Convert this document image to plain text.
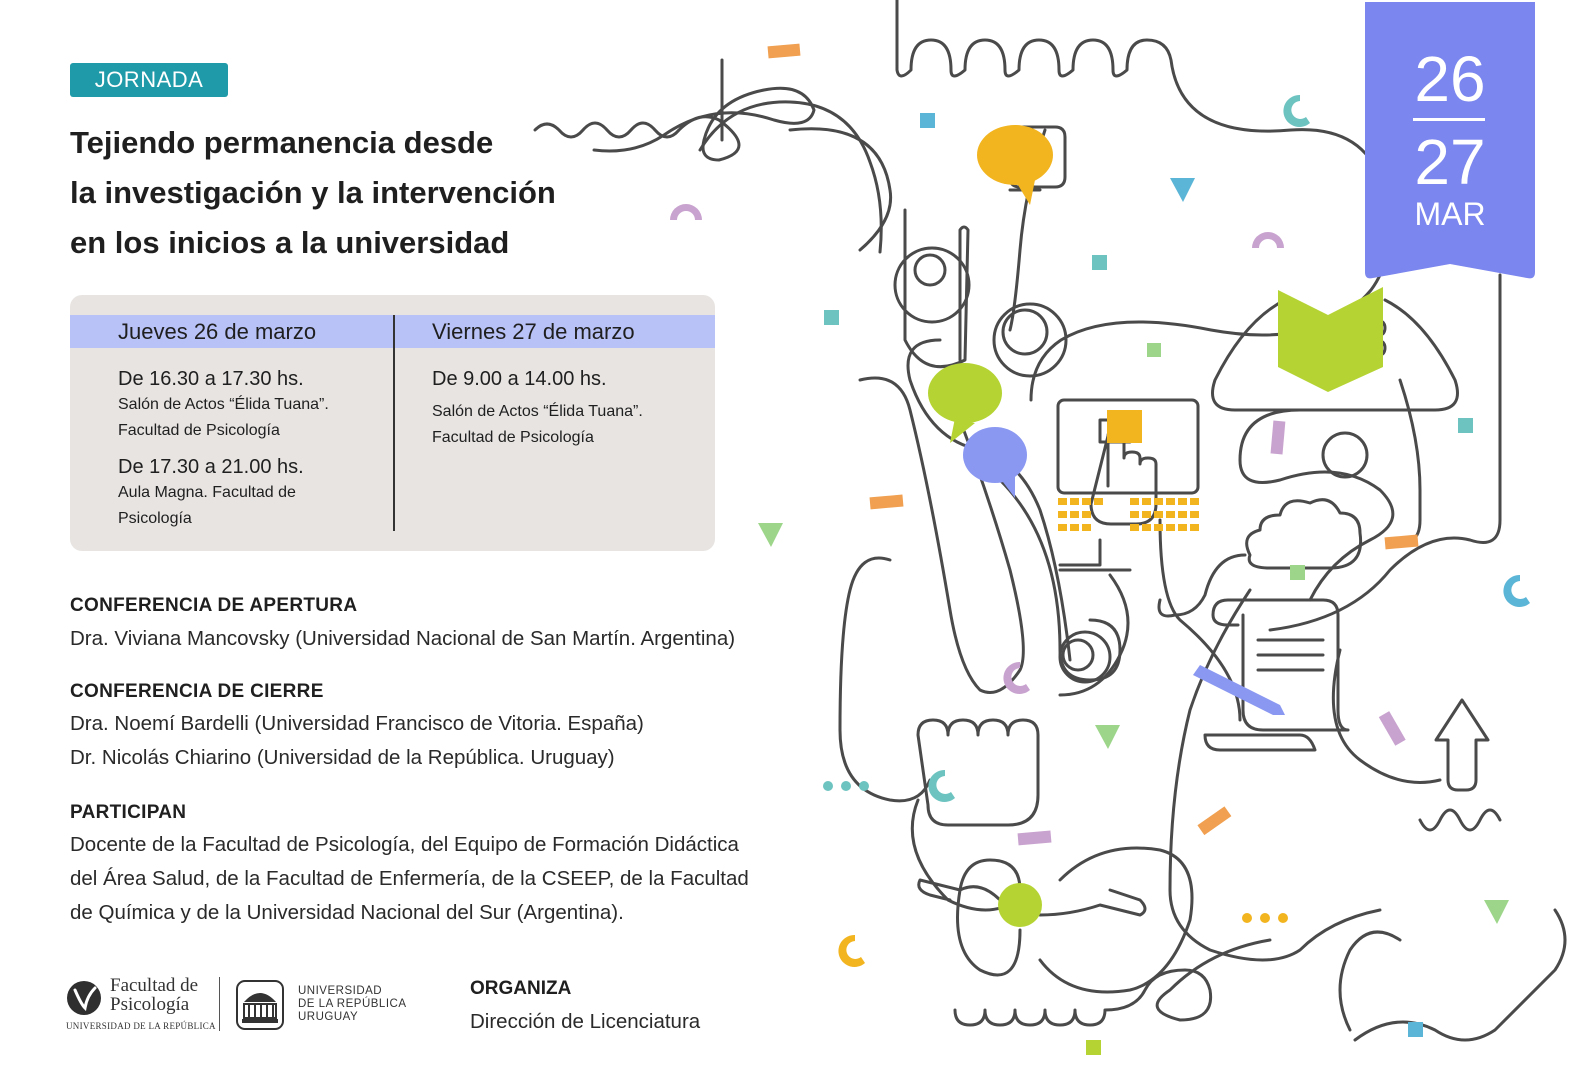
26
27
MAR
JORNADA
Tejiendo permanencia desde
la investigación y la intervención
en los inicios a la universidad
Jueves 26 de marzo	Viernes 27 de marzo
De 16.30 a 17.30 hs.
Salón de Actos “Élida Tuana”.
Facultad de Psicología
De 17.30 a 21.00 hs.
Aula Magna. Facultad de
Psicología
De 9.00 a 14.00 hs.
Salón de Actos “Élida Tuana”.
Facultad de Psicología
CONFERENCIA DE APERTURA
Dra. Viviana Mancovsky (Universidad Nacional de San Martín. Argentina)
CONFERENCIA DE CIERRE
Dra. Noemí Bardelli (Universidad Francisco de Vitoria. España)
Dr. Nicolás Chiarino (Universidad de la República. Uruguay)
PARTICIPAN
Docente de la Facultad de Psicología, del Equipo de Formación Didáctica
del Área Salud, de la Facultad de Enfermería, de la CSEEP, de la Facultad
de Química y de la Universidad Nacional del Sur (Argentina).
Facultad de
Psicología
UNIVERSIDAD DE LA REPÚBLICA
UNIVERSIDAD
DE LA REPÚBLICA
URUGUAY
ORGANIZA
Dirección de Licenciatura
